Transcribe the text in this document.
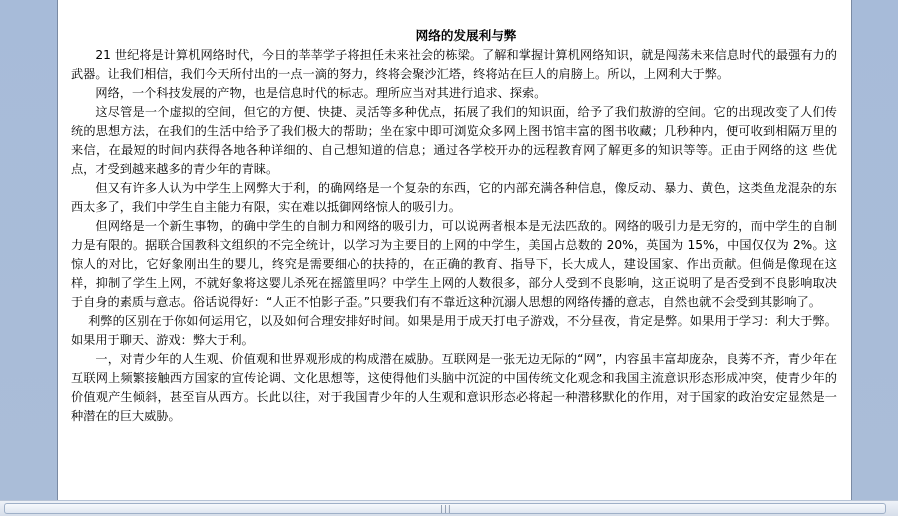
网络的发展利与弊

21 世纪将是计算机网络时代，今日的莘莘学子将担任未来社会的栋梁。了解和掌握计算机网络知识，就是闯荡未来信息时代的最强有力的武器。让我们相信，我们今天所付出的一点一滴的努力，终将会聚沙汇塔，终将站在巨人的肩膀上。所以，上网利大于弊。

网络，一个科技发展的产物，也是信息时代的标志。理所应当对其进行追求、探索。

这尽管是一个虚拟的空间，但它的方便、快捷、灵活等多种优点，拓展了我们的知识面，给予了我们敖游的空间。它的出现改变了人们传统的思想方法，在我们的生活中给予了我们极大的帮助；坐在家中即可浏览众多网上图书馆丰富的图书收藏；几秒种内，便可收到相隔万里的来信，在最短的时间内获得各地各种详细的、自己想知道的信息；通过各学校开办的远程教育网了解更多的知识等等。正由于网络的这 些优点，才受到越来越多的青少年的青睐。

但又有许多人认为中学生上网弊大于利，的确网络是一个复杂的东西，它的内部充满各种信息，像反动、暴力、黄色，这类鱼龙混杂的东西太多了，我们中学生自主能力有限，实在难以抵御网络惊人的吸引力。

但网络是一个新生事物，的确中学生的自制力和网络的吸引力，可以说两者根本是无法匹敌的。网络的吸引力是无穷的，而中学生的自制力是有限的。据联合国教科文组织的不完全统计，以学习为主要目的上网的中学生，美国占总数的 20%，英国为 15%，中国仅仅为 2%。这惊人的对比，它好象刚出生的婴儿，终究是需要细心的扶持的，在正确的教育、指导下，长大成人，建设国家、作出贡献。但倘是像现在这样，抑制了学生上网，不就好象将这婴儿杀死在摇篮里吗？中学生上网的人数很多，部分人受到不良影响，这正说明了是否受到不良影响取决于自身的素质与意志。俗话说得好：“人正不怕影子歪。”只要我们有不靠近这种沉溺人思想的网络传播的意志，自然也就不会受到其影响了。

利弊的区别在于你如何运用它，以及如何合理安排好时间。如果是用于成天打电子游戏，不分昼夜，肯定是弊。如果用于学习：利大于弊。如果用于聊天、游戏：弊大于利。

一，对青少年的人生观、价值观和世界观形成的构成潜在威胁。互联网是一张无边无际的“网”，内容虽丰富却庞杂，良莠不齐，青少年在互联网上频繁接触西方国家的宣传论调、文化思想等，这使得他们头脑中沉淀的中国传统文化观念和我国主流意识形态形成冲突，使青少年的价值观产生倾斜，甚至盲从西方。长此以往，对于我国青少年的人生观和意识形态必将起一种潜移默化的作用，对于国家的政治安定显然是一种潜在的巨大威胁。

|||
